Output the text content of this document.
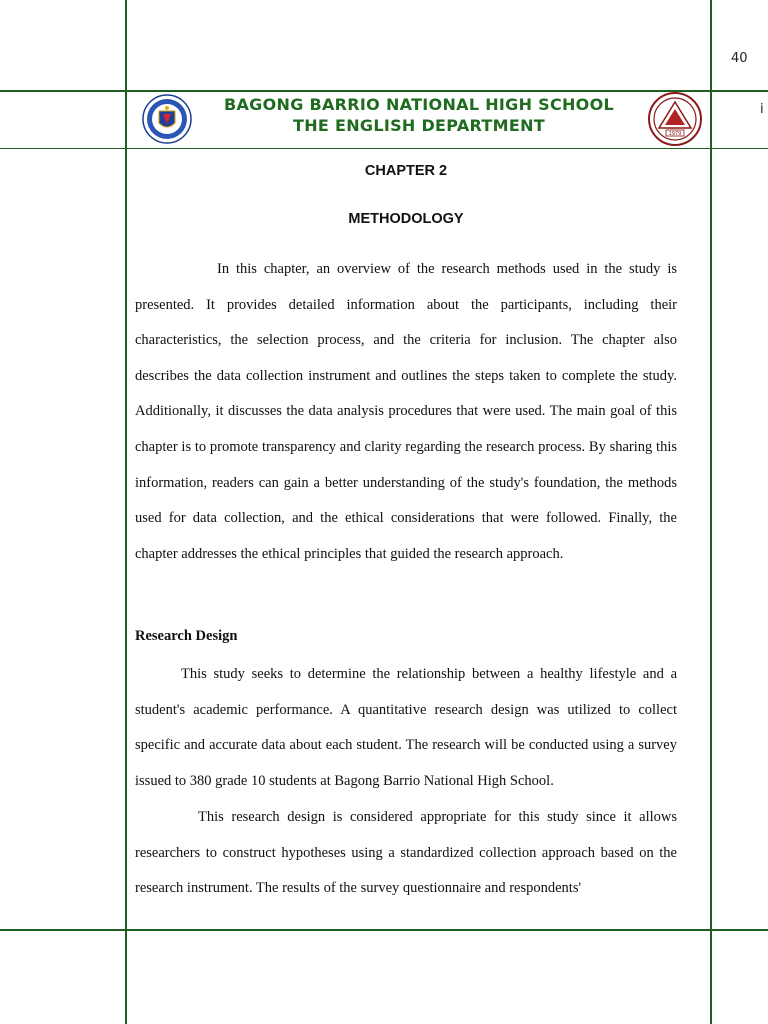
40
i
BAGONG BARRIO NATIONAL HIGH SCHOOL
THE ENGLISH DEPARTMENT	1979
CHAPTER 2
METHODOLOGY
In this chapter, an overview of the research methods used in the study is presented. It provides detailed information about the participants, including their characteristics, the selection process, and the criteria for inclusion. The chapter also describes the data collection instrument and outlines the steps taken to complete the study. Additionally, it discusses the data analysis procedures that were used. The main goal of this chapter is to promote transparency and clarity regarding the research process. By sharing this information, readers can gain a better understanding of the study's foundation, the methods used for data collection, and the ethical considerations that were followed. Finally, the chapter addresses the ethical principles that guided the research approach.
Research Design
This study seeks to determine the relationship between a healthy lifestyle and a student's academic performance. A quantitative research design was utilized to collect specific and accurate data about each student. The research will be conducted using a survey issued to 380 grade 10 students at Bagong Barrio National High School.
This research design is considered appropriate for this study since it allows researchers to construct hypotheses using a standardized collection approach based on the research instrument. The results of the survey questionnaire and respondents'
